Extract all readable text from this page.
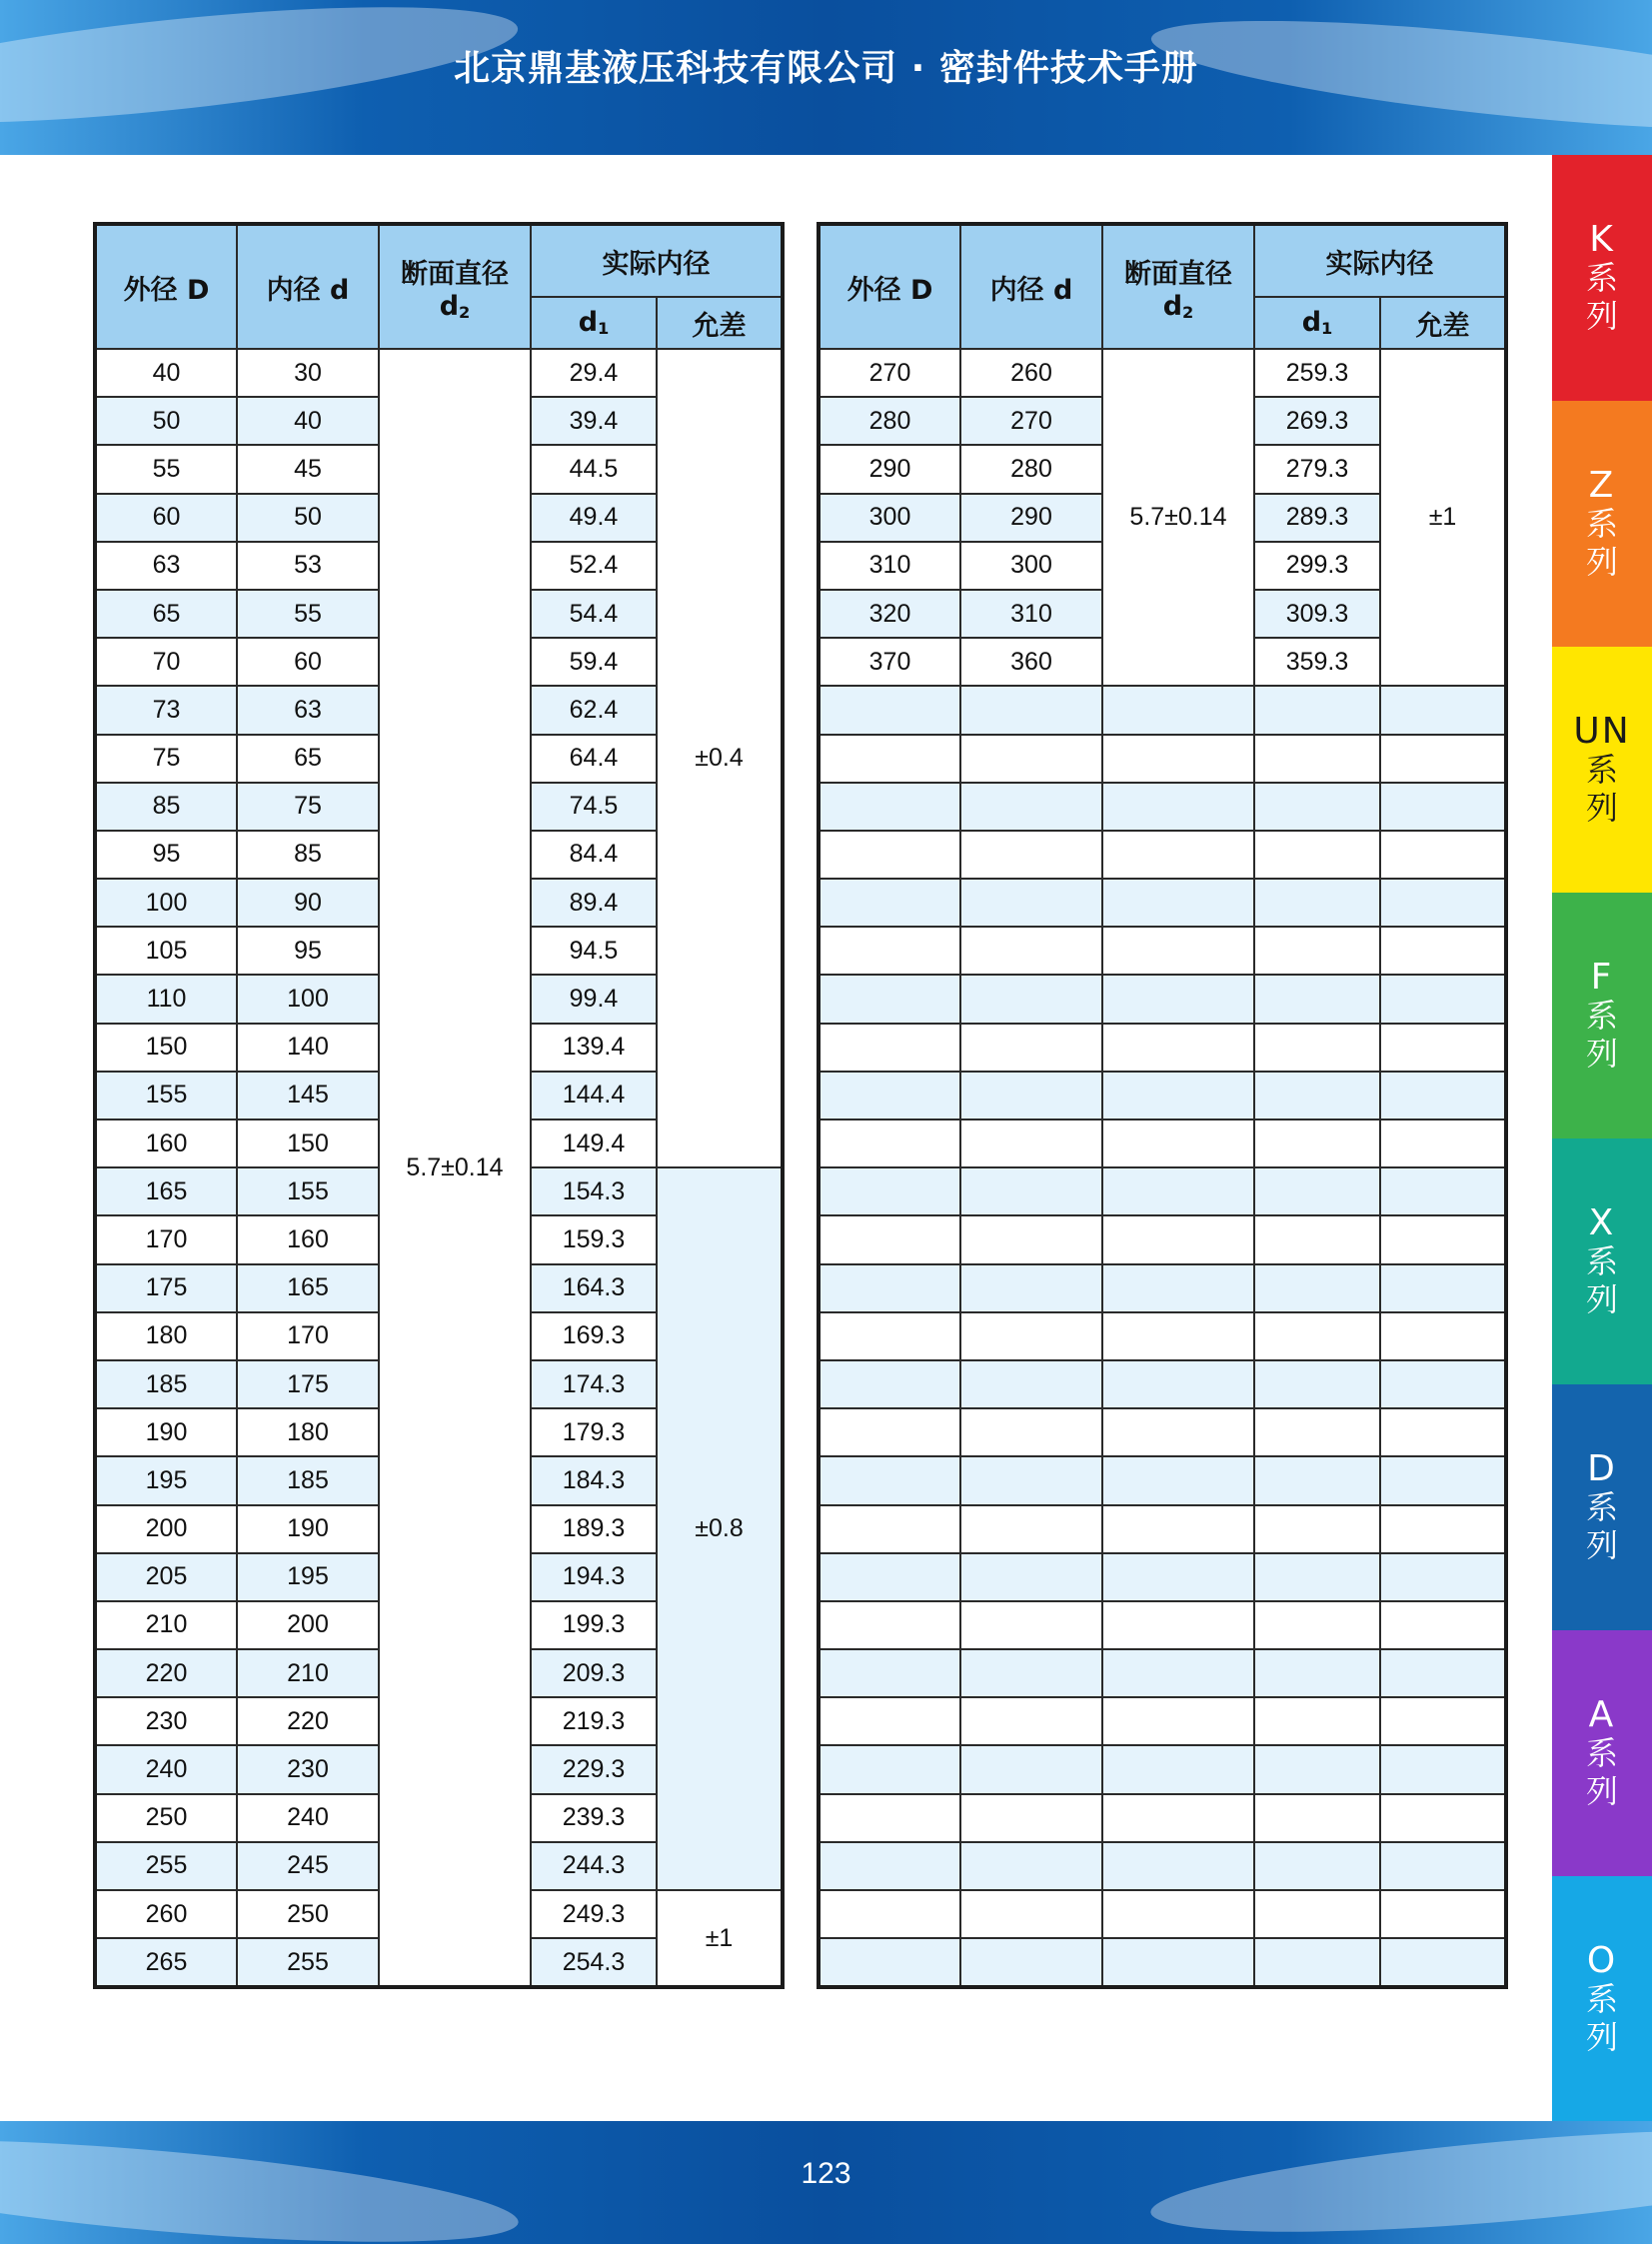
北京鼎基液压科技有限公司 · 密封件技术手册
外径 D	内径 d	断面直径
$d_2$	实际内径	
			$d_1$	允差
40	30	5.7±0.14	29.4	±0.4
50	40		39.4	
55	45		44.5	
60	50		49.4	
63	53		52.4	
65	55		54.4	
70	60		59.4	
73	63		62.4	
75	65		64.4	
85	75		74.5	
95	85		84.4	
100	90		89.4	
105	95		94.5	
110	100		99.4	
150	140		139.4	
155	145		144.4	
160	150		149.4	
165	155		154.3	±0.8
170	160		159.3	
175	165		164.3	
180	170		169.3	
185	175		174.3	
190	180		179.3	
195	185		184.3	
200	190		189.3	
205	195		194.3	
210	200		199.3	
220	210		209.3	
230	220		219.3	
240	230		229.3	
250	240		239.3	
255	245		244.3	
260	250		249.3	±1
265	255		254.3	
外径 D	内径 d	断面直径
$d_2$	实际内径	
			$d_1$	允差
270	260	5.7±0.14	259.3	±1
280	270		269.3	
290	280		279.3	
300	290		289.3	
310	300		299.3	
320	310		309.3	
370	360		359.3	

K
系
列
Z
系
列
UN
系
列
F
系
列
X
系
列
D
系
列
A
系
列
O
系
列
123
